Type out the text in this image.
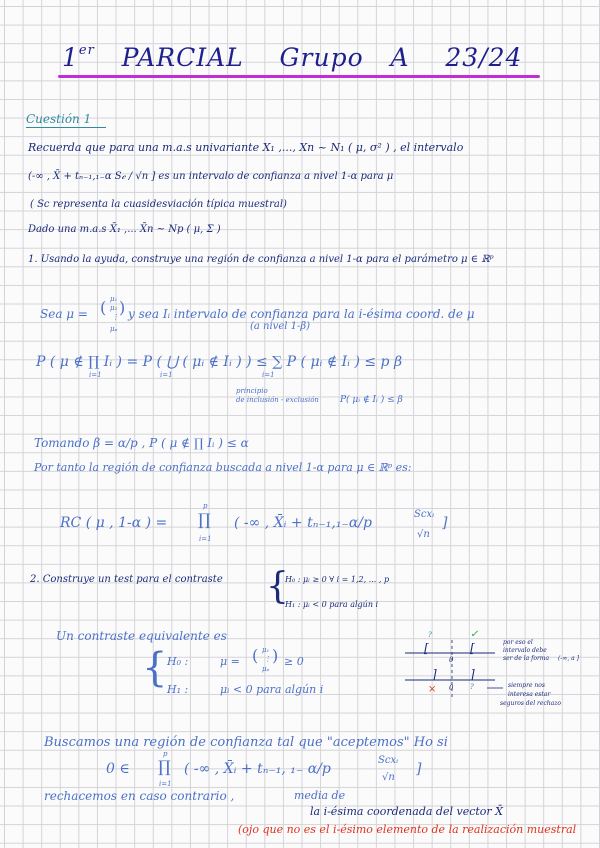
1er PARCIAL Grupo A 23/24
Cuestión 1
Recuerda que para una m.a.s univariante X₁ ,..., Xn ~ N₁ ( μ, σ² ) , el intervalo
(-∞ , X̄ + tₙ₋₁,₁₋α S𝒸 / √n ] es un intervalo de confianza a nivel 1-α para μ
( Sc representa la cuasidesviación típica muestral)
Dado una m.a.s X̄₁ ,... X̄n ~ Np ( μ, Σ )
1. Usando la ayuda, construye una región de confianza a nivel 1-α para el parámetro μ ∈ ℝᵖ
Sea μ = ( μ₁
μ₂
⋮
μₚ
) y sea Iᵢ intervalo de confianza para la i-ésima coord. de μ
(a nivel 1-β)
P ( μ ∉ ∏ Iᵢ ) = P ( ⋃ ( μᵢ ∉ Iᵢ ) ) ≤ ∑ P ( μᵢ ∉ Iᵢ ) ≤ p β
i=1	i=1	i=1
principio
de inclusión - exclusión P( μᵢ ∉ Iᵢ ) ≤ β
Tomando β = α/p , P ( μ ∉ ∏ Iᵢ ) ≤ α
Por tanto la región de confianza buscada a nivel 1-α para μ ∈ ℝᵖ es:
RC ( μ , 1-α ) =
p
∏
i=1
( -∞ , X̄ᵢ + tₙ₋₁,₁₋α/p
Scxᵢ
√n
]
2. Construye un test para el contraste {
H₀ : μᵢ ≥ 0 ∀ i = 1,2, ... , p
H₁ : μᵢ < 0 para algún i
Un contraste equivalente es
{ H₀ :	μ = ( μ₁
⋮
μₚ
) ≥ 0
H₁ :	μᵢ < 0 para algún i
?	✓
[	[
0
]	]
× 0 ?
por eso el
intervalo debe
ser de la forma (-∞, a ]
siempre nos
interesa estar
seguros del rechazo
Buscamos una región de confianza tal que "aceptemos" Ho si
0 ∈
p
∏
i=1
( -∞ , X̄ᵢ + tₙ₋₁, ₁₋ α/p
Scxᵢ
√n
]
rechacemos en caso contrario ,	media de
la i-ésima coordenada del vector X̄
(ojo que no es el i-ésimo elemento de la realización muestral
